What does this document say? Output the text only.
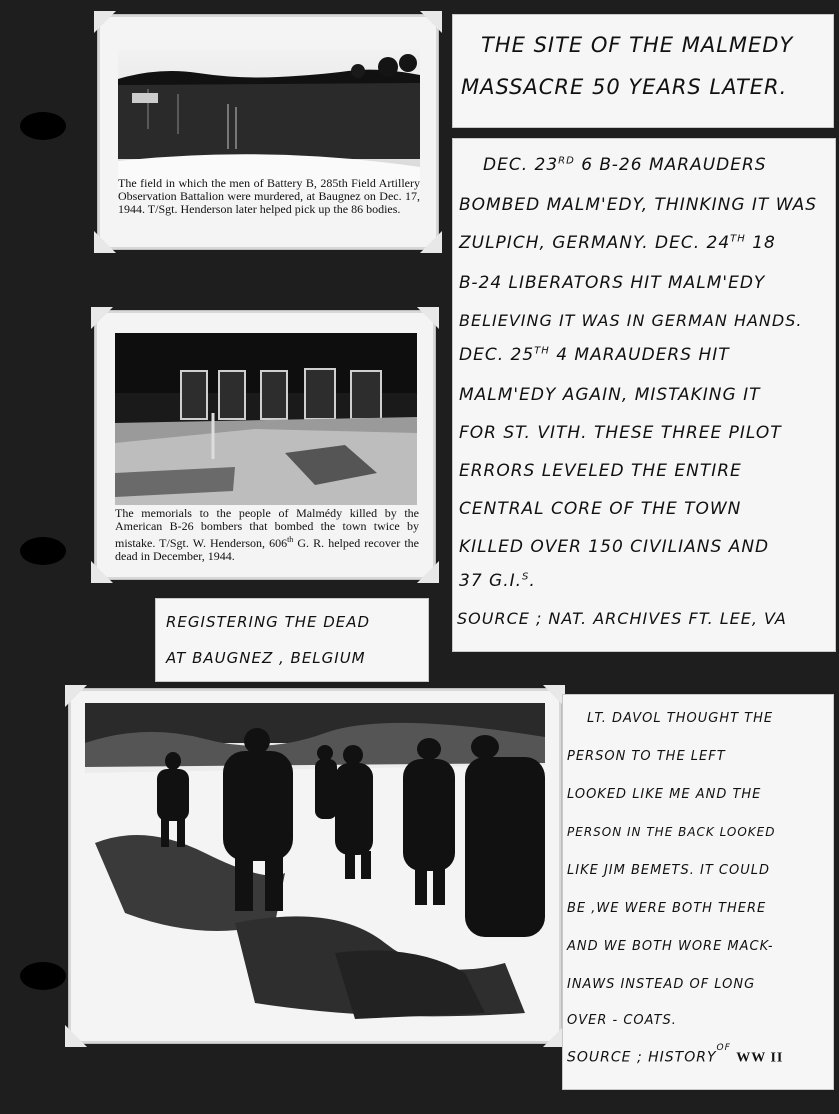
The field in which the men of Battery B, 285th Field Artillery Observation Battalion were murdered, at Baugnez on Dec. 17, 1944. T/Sgt. Henderson later helped pick up the 86 bodies.
The memorials to the people of Malmédy killed by the American B-26 bombers that bombed the town twice by mistake. T/Sgt. W. Henderson, 606th G. R. helped recover the dead in December, 1944.
THE SITE OF THE MALMEDY
MASSACRE 50 YEARS LATER.
DEC. 23RD 6 B-26 MARAUDERS
BOMBED MALM'EDY, THINKING IT WAS
ZULPICH, GERMANY. DEC. 24TH 18
B-24 LIBERATORS HIT MALM'EDY
BELIEVING IT WAS IN GERMAN HANDS.
DEC. 25TH 4 MARAUDERS HIT
MALM'EDY AGAIN, MISTAKING IT
FOR ST. VITH. THESE THREE PILOT
ERRORS LEVELED THE ENTIRE
CENTRAL CORE OF THE TOWN
KILLED OVER 150 CIVILIANS AND
37 G.I.$^S$.
SOURCE ; NAT. ARCHIVES FT. LEE, VA
REGISTERING THE DEAD
AT BAUGNEZ , BELGIUM
LT. DAVOL THOUGHT THE
PERSON TO THE LEFT
LOOKED LIKE ME AND THE
PERSON IN THE BACK LOOKED
LIKE JIM BEMETS. IT COULD
BE ,WE WERE BOTH THERE
AND WE BOTH WORE MACK-
INAWS INSTEAD OF LONG
OVER - COATS.
SOURCE ; $HISTORY^{OF}$ WW II
